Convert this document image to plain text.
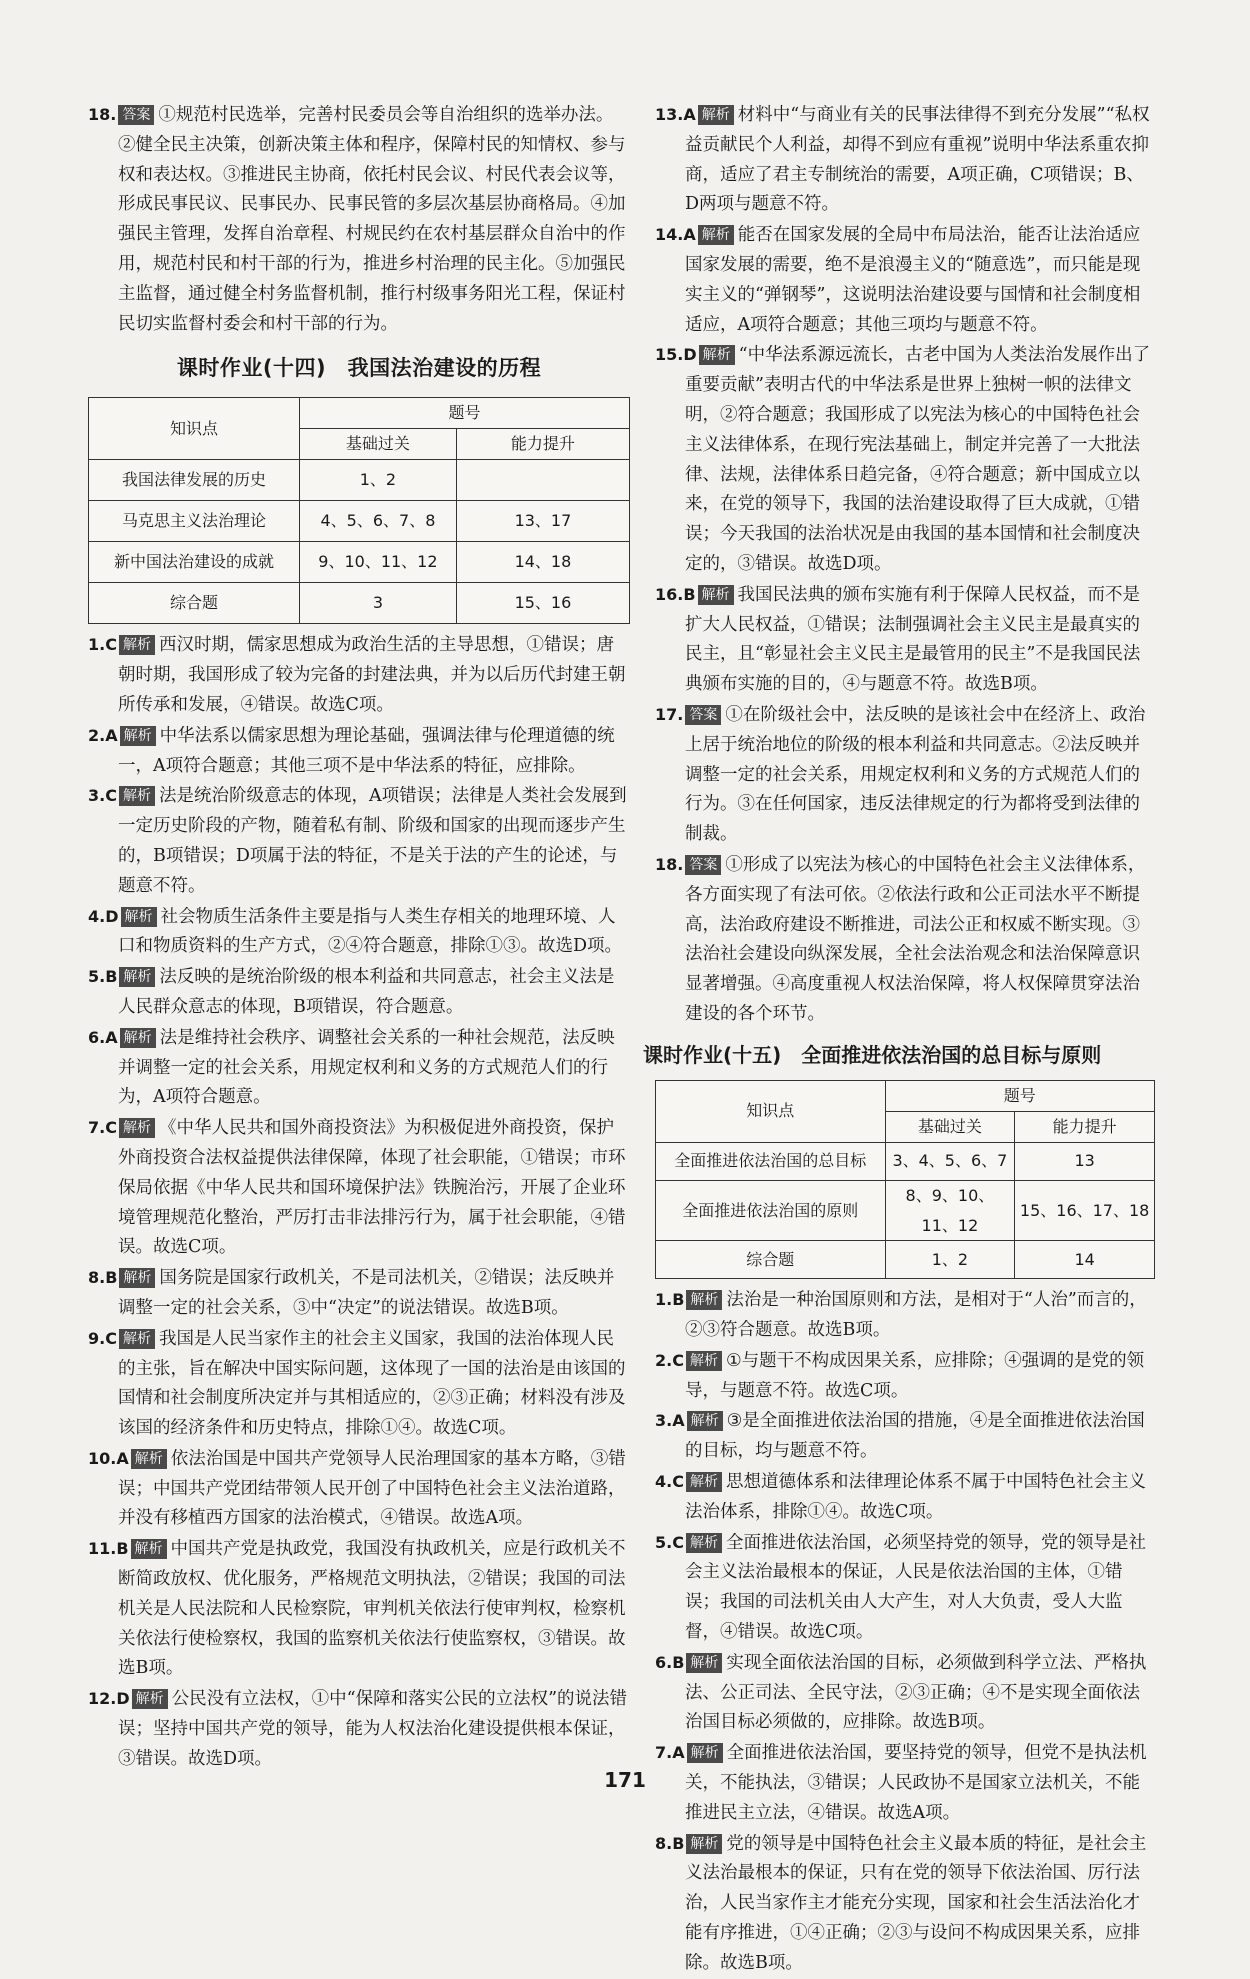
18. 答案 ①规范村民选举，完善村民委员会等自治组织的选举办法。②健全民主决策，创新决策主体和程序，保障村民的知情权、参与权和表达权。③推进民主协商，依托村民会议、村民代表会议等，形成民事民议、民事民办、民事民管的多层次基层协商格局。④加强民主管理，发挥自治章程、村规民约在农村基层群众自治中的作用，规范村民和村干部的行为，推进乡村治理的民主化。⑤加强民主监督，通过健全村务监督机制，推行村级事务阳光工程，保证村民切实监督村委会和村干部的行为。

课时作业(十四)　我国法治建设的历程
知识点	题号	
	基础过关	能力提升
我国法律发展的历史	1、2	
马克思主义法治理论	4、5、6、7、8	13、17
新中国法治建设的成就	9、10、11、12	14、18
综合题	3	15、16

1.C 解析 西汉时期，儒家思想成为政治生活的主导思想，①错误；唐朝时期，我国形成了较为完备的封建法典，并为以后历代封建王朝所传承和发展，④错误。故选C项。

2.A 解析 中华法系以儒家思想为理论基础，强调法律与伦理道德的统一，A项符合题意；其他三项不是中华法系的特征，应排除。

3.C 解析 法是统治阶级意志的体现，A项错误；法律是人类社会发展到一定历史阶段的产物，随着私有制、阶级和国家的出现而逐步产生的，B项错误；D项属于法的特征，不是关于法的产生的论述，与题意不符。

4.D 解析 社会物质生活条件主要是指与人类生存相关的地理环境、人口和物质资料的生产方式，②④符合题意，排除①③。故选D项。

5.B 解析 法反映的是统治阶级的根本利益和共同意志，社会主义法是人民群众意志的体现，B项错误，符合题意。

6.A 解析 法是维持社会秩序、调整社会关系的一种社会规范，法反映并调整一定的社会关系，用规定权利和义务的方式规范人们的行为，A项符合题意。

7.C 解析 《中华人民共和国外商投资法》为积极促进外商投资，保护外商投资合法权益提供法律保障，体现了社会职能，①错误；市环保局依据《中华人民共和国环境保护法》铁腕治污，开展了企业环境管理规范化整治，严厉打击非法排污行为，属于社会职能，④错误。故选C项。

8.B 解析 国务院是国家行政机关，不是司法机关，②错误；法反映并调整一定的社会关系，③中“决定”的说法错误。故选B项。

9.C 解析 我国是人民当家作主的社会主义国家，我国的法治体现人民的主张，旨在解决中国实际问题，这体现了一国的法治是由该国的国情和社会制度所决定并与其相适应的，②③正确；材料没有涉及该国的经济条件和历史特点，排除①④。故选C项。

10.A 解析 依法治国是中国共产党领导人民治理国家的基本方略，③错误；中国共产党团结带领人民开创了中国特色社会主义法治道路，并没有移植西方国家的法治模式，④错误。故选A项。

11.B 解析 中国共产党是执政党，我国没有执政机关，应是行政机关不断简政放权、优化服务，严格规范文明执法，②错误；我国的司法机关是人民法院和人民检察院，审判机关依法行使审判权，检察机关依法行使检察权，我国的监察机关依法行使监察权，③错误。故选B项。

12.D 解析 公民没有立法权，①中“保障和落实公民的立法权”的说法错误；坚持中国共产党的领导，能为人权法治化建设提供根本保证，③错误。故选D项。

13.A 解析 材料中“与商业有关的民事法律得不到充分发展”“私权益贡献民个人利益，却得不到应有重视”说明中华法系重农抑商，适应了君主专制统治的需要，A项正确，C项错误；B、D两项与题意不符。

14.A 解析 能否在国家发展的全局中布局法治，能否让法治适应国家发展的需要，绝不是浪漫主义的“随意选”，而只能是现实主义的“弹钢琴”，这说明法治建设要与国情和社会制度相适应，A项符合题意；其他三项均与题意不符。

15.D 解析 “中华法系源远流长，古老中国为人类法治发展作出了重要贡献”表明古代的中华法系是世界上独树一帜的法律文明，②符合题意；我国形成了以宪法为核心的中国特色社会主义法律体系，在现行宪法基础上，制定并完善了一大批法律、法规，法律体系日趋完备，④符合题意；新中国成立以来，在党的领导下，我国的法治建设取得了巨大成就，①错误；今天我国的法治状况是由我国的基本国情和社会制度决定的，③错误。故选D项。

16.B 解析 我国民法典的颁布实施有利于保障人民权益，而不是扩大人民权益，①错误；法制强调社会主义民主是最真实的民主，且“彰显社会主义民主是最管用的民主”不是我国民法典颁布实施的目的，④与题意不符。故选B项。

17. 答案 ①在阶级社会中，法反映的是该社会中在经济上、政治上居于统治地位的阶级的根本利益和共同意志。②法反映并调整一定的社会关系，用规定权利和义务的方式规范人们的行为。③在任何国家，违反法律规定的行为都将受到法律的制裁。

18. 答案 ①形成了以宪法为核心的中国特色社会主义法律体系，各方面实现了有法可依。②依法行政和公正司法水平不断提高，法治政府建设不断推进，司法公正和权威不断实现。③法治社会建设向纵深发展，全社会法治观念和法治保障意识显著增强。④高度重视人权法治保障，将人权保障贯穿法治建设的各个环节。

课时作业(十五)　全面推进依法治国的总目标与原则
知识点	题号	
	基础过关	能力提升
全面推进依法治国的总目标	3、4、5、6、7	13
全面推进依法治国的原则	8、9、10、11、12	15、16、17、18
综合题	1、2	14

1.B 解析 法治是一种治国原则和方法，是相对于“人治”而言的，②③符合题意。故选B项。

2.C 解析 ①与题干不构成因果关系，应排除；④强调的是党的领导，与题意不符。故选C项。

3.A 解析 ③是全面推进依法治国的措施，④是全面推进依法治国的目标，均与题意不符。

4.C 解析 思想道德体系和法律理论体系不属于中国特色社会主义法治体系，排除①④。故选C项。

5.C 解析 全面推进依法治国，必须坚持党的领导，党的领导是社会主义法治最根本的保证，人民是依法治国的主体，①错误；我国的司法机关由人大产生，对人大负责，受人大监督，④错误。故选C项。

6.B 解析 实现全面依法治国的目标，必须做到科学立法、严格执法、公正司法、全民守法，②③正确；④不是实现全面依法治国目标必须做的，应排除。故选B项。

7.A 解析 全面推进依法治国，要坚持党的领导，但党不是执法机关，不能执法，③错误；人民政协不是国家立法机关，不能推进民主立法，④错误。故选A项。

8.B 解析 党的领导是中国特色社会主义最本质的特征，是社会主义法治最根本的保证，只有在党的领导下依法治国、厉行法治，人民当家作主才能充分实现，国家和社会生活法治化才能有序推进，①④正确；②③与设问不构成因果关系，应排除。故选B项。

171
